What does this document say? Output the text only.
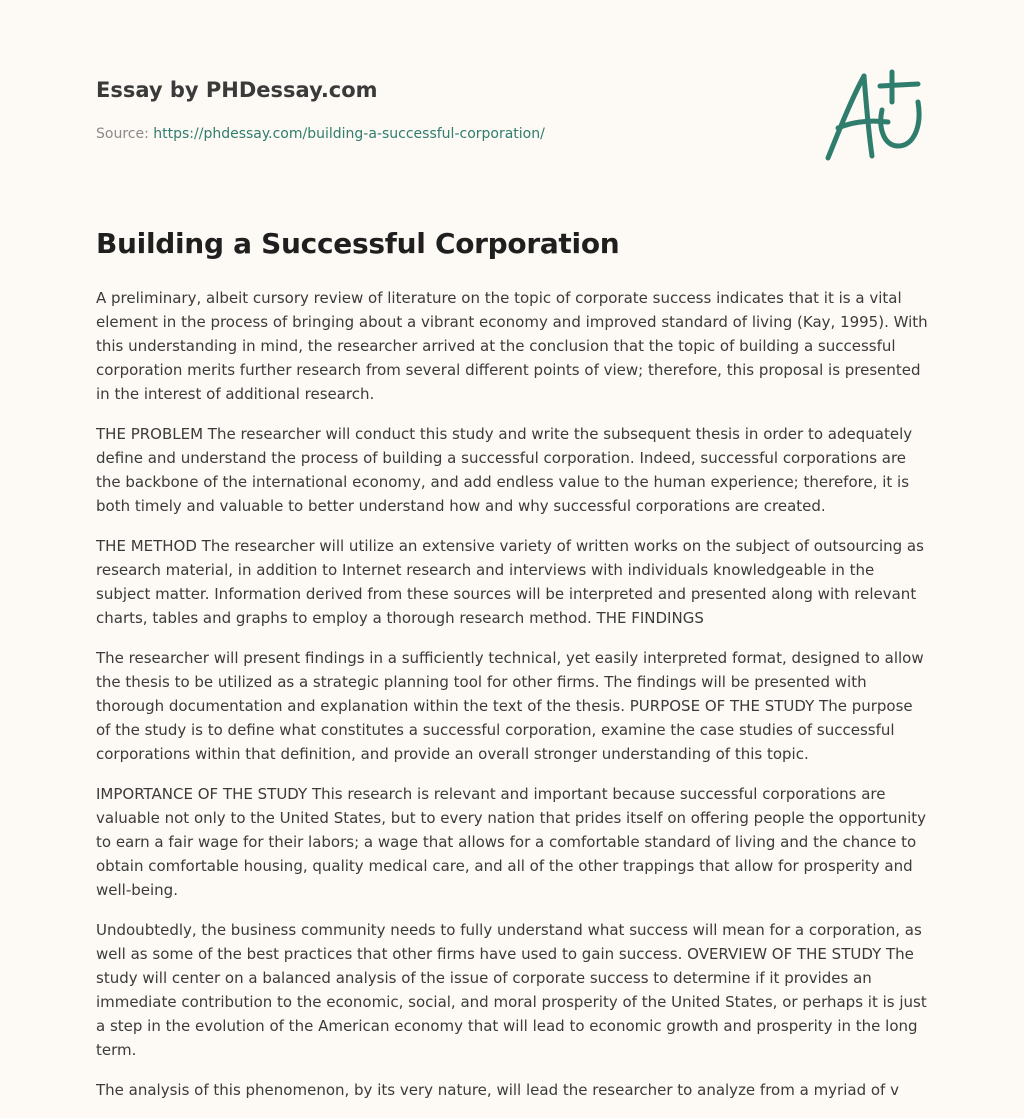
Essay by PHDessay.com
Source: https://phdessay.com/building-a-successful-corporation/
Building a Successful Corporation

A preliminary, albeit cursory review of literature on the topic of corporate success indicates that it is a vital element in the process of bringing about a vibrant economy and improved standard of living (Kay, 1995). With this understanding in mind, the researcher arrived at the conclusion that the topic of building a successful corporation merits further research from several different points of view; therefore, this proposal is presented in the interest of additional research.

THE PROBLEM The researcher will conduct this study and write the subsequent thesis in order to adequately define and understand the process of building a successful corporation. Indeed, successful corporations are the backbone of the international economy, and add endless value to the human experience; therefore, it is both timely and valuable to better understand how and why successful corporations are created.

THE METHOD The researcher will utilize an extensive variety of written works on the subject of outsourcing as research material, in addition to Internet research and interviews with individuals knowledgeable in the subject matter. Information derived from these sources will be interpreted and presented along with relevant charts, tables and graphs to employ a thorough research method. THE FINDINGS

The researcher will present findings in a sufficiently technical, yet easily interpreted format, designed to allow the thesis to be utilized as a strategic planning tool for other firms. The findings will be presented with thorough documentation and explanation within the text of the thesis. PURPOSE OF THE STUDY The purpose of the study is to define what constitutes a successful corporation, examine the case studies of successful corporations within that definition, and provide an overall stronger understanding of this topic.

IMPORTANCE OF THE STUDY This research is relevant and important because successful corporations are valuable not only to the United States, but to every nation that prides itself on offering people the opportunity to earn a fair wage for their labors; a wage that allows for a comfortable standard of living and the chance to obtain comfortable housing, quality medical care, and all of the other trappings that allow for prosperity and well-being.

Undoubtedly, the business community needs to fully understand what success will mean for a corporation, as well as some of the best practices that other firms have used to gain success. OVERVIEW OF THE STUDY The study will center on a balanced analysis of the issue of corporate success to determine if it provides an immediate contribution to the economic, social, and moral prosperity of the United States, or perhaps it is just a step in the evolution of the American economy that will lead to economic growth and prosperity in the long term.

The analysis of this phenomenon, by its very nature, will lead the researcher to analyze from a myriad of v
